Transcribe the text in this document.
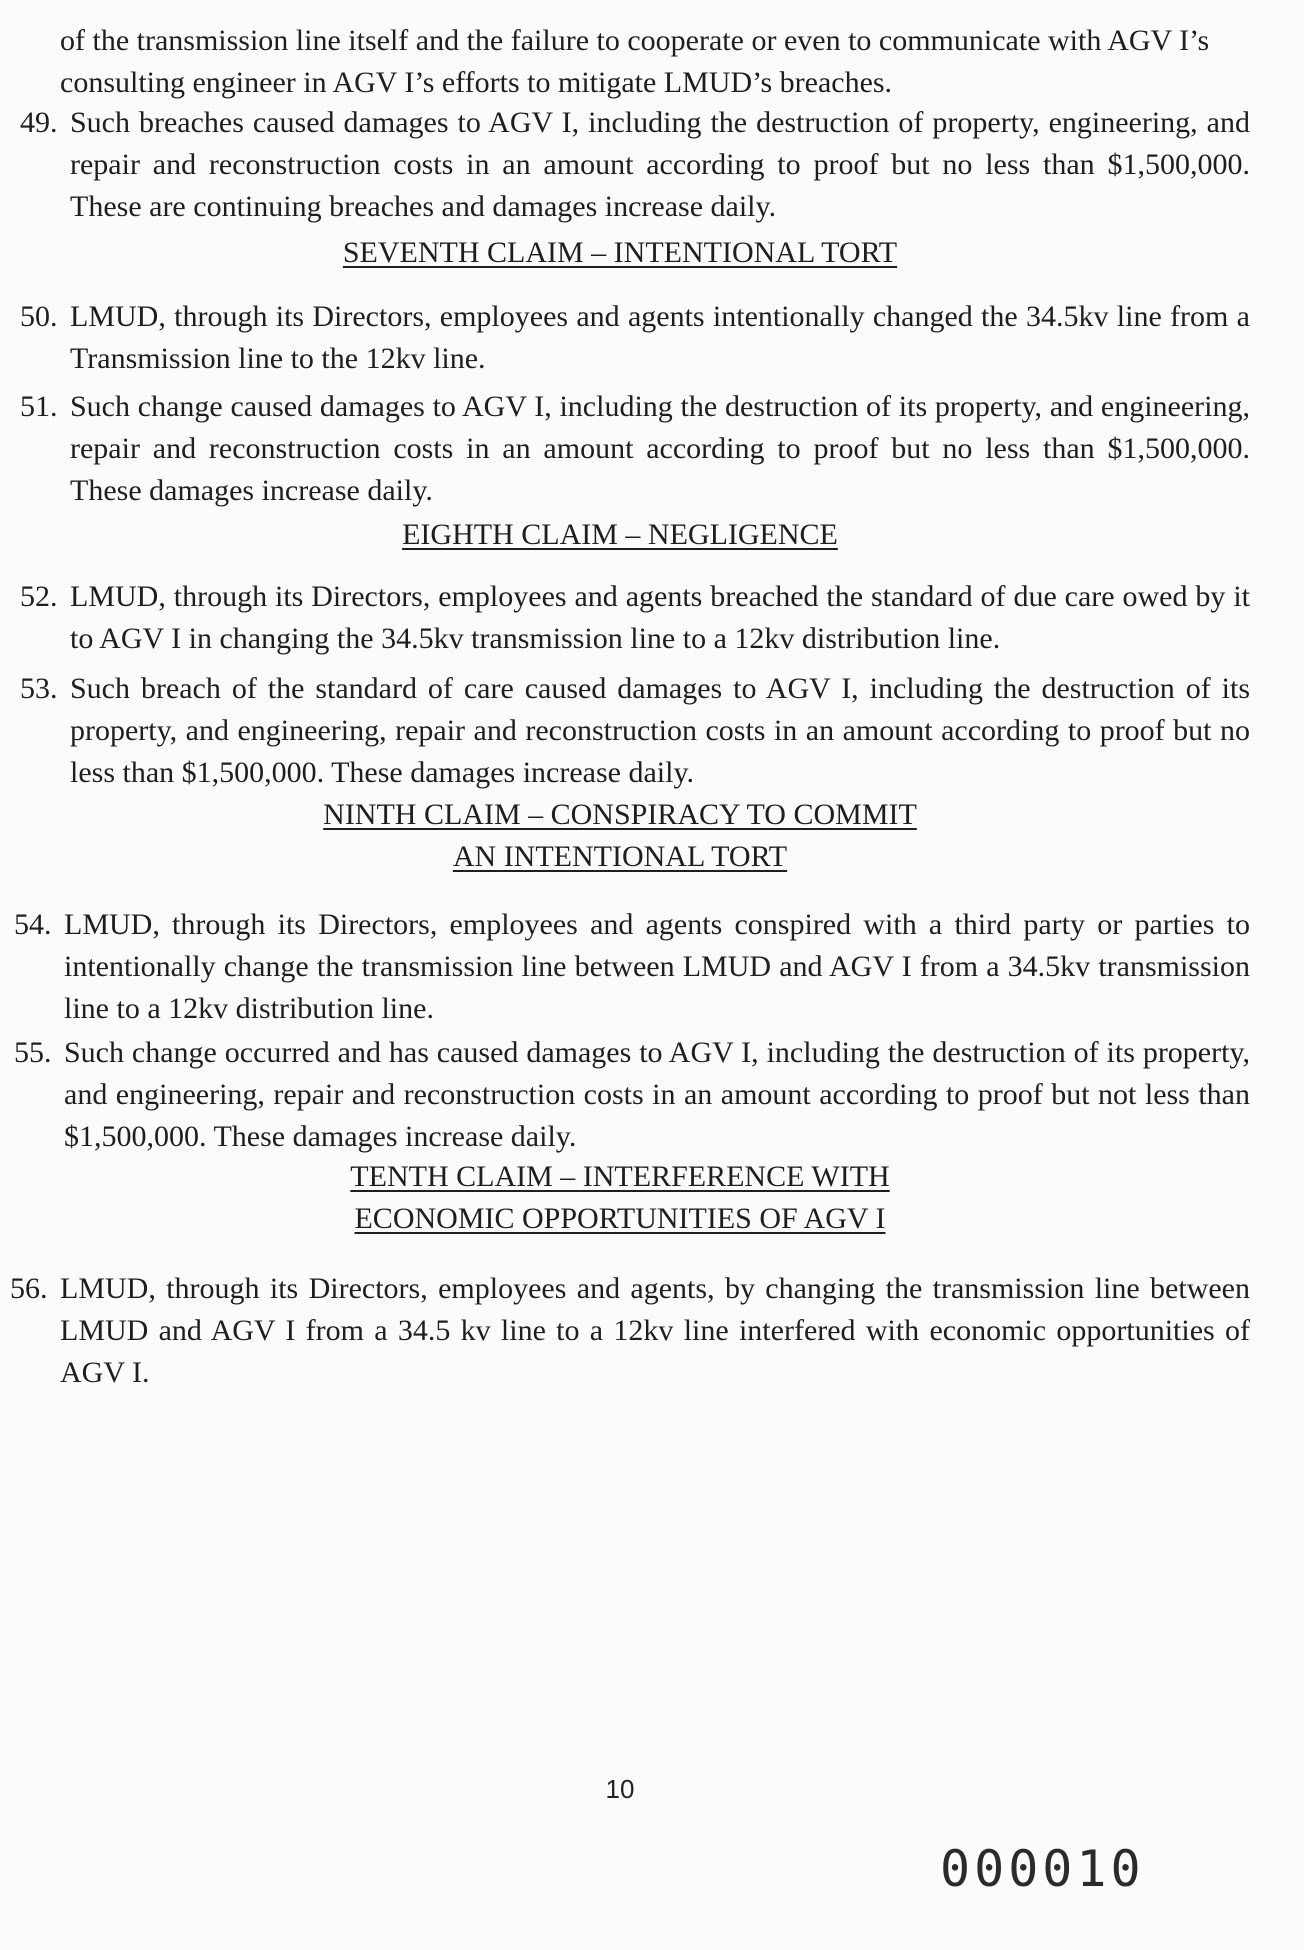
of the transmission line itself and the failure to cooperate or even to communicate with AGV I’s consulting engineer in AGV I’s efforts to mitigate LMUD’s breaches.

49. Such breaches caused damages to AGV I, including the destruction of property, engineering, and repair and reconstruction costs in an amount according to proof but no less than $1,500,000. These are continuing breaches and damages increase daily.
SEVENTH CLAIM – INTENTIONAL TORT
50. LMUD, through its Directors, employees and agents intentionally changed the 34.5kv line from a Transmission line to the 12kv line.
51. Such change caused damages to AGV I, including the destruction of its property, and engineering, repair and reconstruction costs in an amount according to proof but no less than $1,500,000. These damages increase daily.
EIGHTH CLAIM – NEGLIGENCE
52. LMUD, through its Directors, employees and agents breached the standard of due care owed by it to AGV I in changing the 34.5kv transmission line to a 12kv distribution line.
53. Such breach of the standard of care caused damages to AGV I, including the destruction of its property, and engineering, repair and reconstruction costs in an amount according to proof but no less than $1,500,000. These damages increase daily.
NINTH CLAIM – CONSPIRACY TO COMMIT
AN INTENTIONAL TORT
54. LMUD, through its Directors, employees and agents conspired with a third party or parties to intentionally change the transmission line between LMUD and AGV I from a 34.5kv transmission line to a 12kv distribution line.
55. Such change occurred and has caused damages to AGV I, including the destruction of its property, and engineering, repair and reconstruction costs in an amount according to proof but not less than $1,500,000. These damages increase daily.
TENTH CLAIM – INTERFERENCE WITH
ECONOMIC OPPORTUNITIES OF AGV I
56. LMUD, through its Directors, employees and agents, by changing the transmission line between LMUD and AGV I from a 34.5 kv line to a 12kv line interfered with economic opportunities of AGV I.
10
000010
